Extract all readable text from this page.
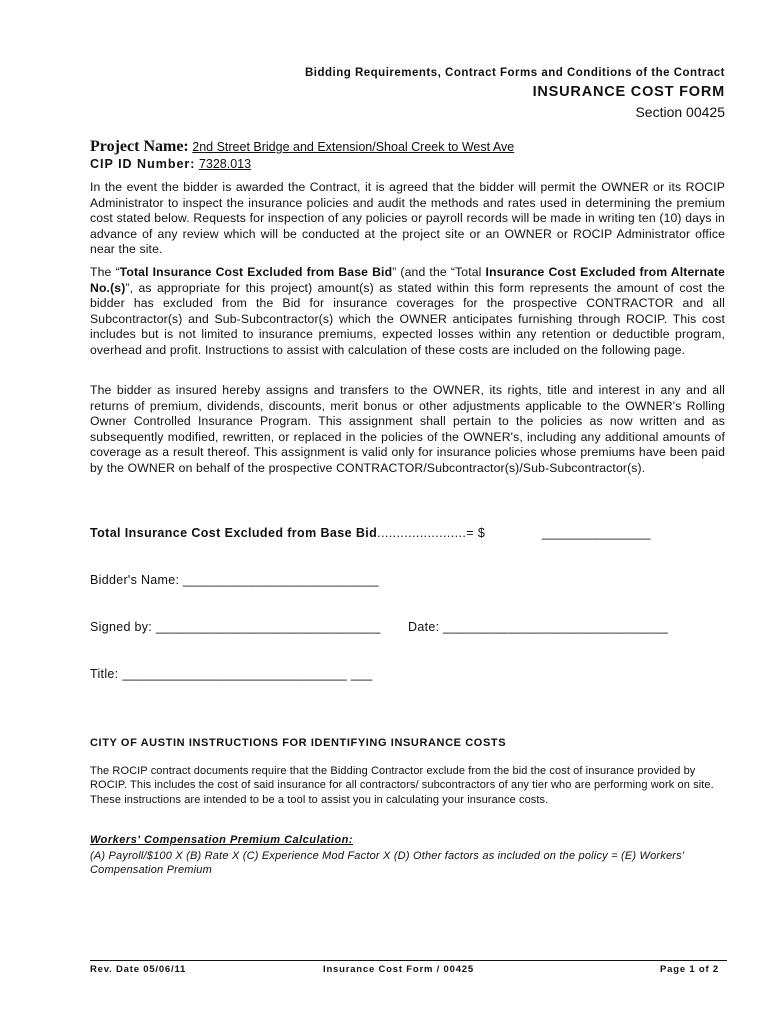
Bidding Requirements, Contract Forms and Conditions of the Contract
INSURANCE COST FORM
Section 00425
Project Name: 2nd Street Bridge and Extension/Shoal Creek to West Ave
CIP ID Number: 7328.013
In the event the bidder is awarded the Contract, it is agreed that the bidder will permit the OWNER or its ROCIP Administrator to inspect the insurance policies and audit the methods and rates used in determining the premium cost stated below. Requests for inspection of any policies or payroll records will be made in writing ten (10) days in advance of any review which will be conducted at the project site or an OWNER or ROCIP Administrator office near the site.
The “Total Insurance Cost Excluded from Base Bid” (and the “Total Insurance Cost Excluded from Alternate No.(s)”, as appropriate for this project) amount(s) as stated within this form represents the amount of cost the bidder has excluded from the Bid for insurance coverages for the prospective CONTRACTOR and all Subcontractor(s) and Sub-Subcontractor(s) which the OWNER anticipates furnishing through ROCIP. This cost includes but is not limited to insurance premiums, expected losses within any retention or deductible program, overhead and profit. Instructions to assist with calculation of these costs are included on the following page.
The bidder as insured hereby assigns and transfers to the OWNER, its rights, title and interest in any and all returns of premium, dividends, discounts, merit bonus or other adjustments applicable to the OWNER's Rolling Owner Controlled Insurance Program. This assignment shall pertain to the policies as now written and as subsequently modified, rewritten, or replaced in the policies of the OWNER's, including any additional amounts of coverage as a result thereof. This assignment is valid only for insurance policies whose premiums have been paid by the OWNER on behalf of the prospective CONTRACTOR/Subcontractor(s)/Sub-Subcontractor(s).
Total Insurance Cost Excluded from Base Bid.......................= $	_______________
Bidder's Name: ___________________________
Signed by: _______________________________ Date: _______________________________
Title: _______________________________ ___
CITY OF AUSTIN INSTRUCTIONS FOR IDENTIFYING INSURANCE COSTS
The ROCIP contract documents require that the Bidding Contractor exclude from the bid the cost of insurance provided by ROCIP. This includes the cost of said insurance for all contractors/ subcontractors of any tier who are performing work on site. These instructions are intended to be a tool to assist you in calculating your insurance costs.
Workers' Compensation Premium Calculation:
(A) Payroll/$100 X (B) Rate X (C) Experience Mod Factor X (D) Other factors as included on the policy = (E) Workers' Compensation Premium
Rev. Date 05/06/11	Insurance Cost Form / 00425	Page 1 of 2
